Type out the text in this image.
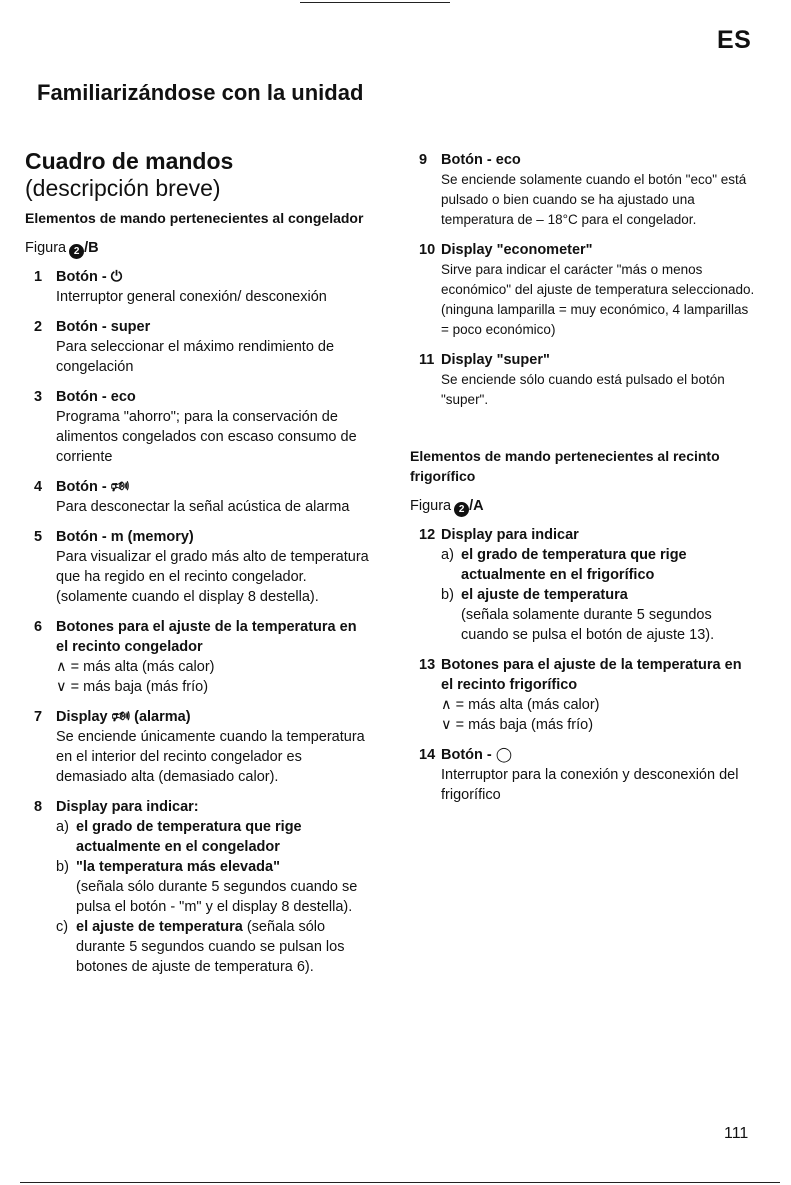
ES
Familiarizándose con la unidad
Cuadro de mandos
(descripción breve)
Elementos de mando pertenecientes al congelador
Figura 2 /B
1 Botón - ⏻
Interruptor general conexión/ desconexión
2 Botón - super
Para seleccionar el máximo rendimiento de congelación
3 Botón - eco
Programa "ahorro"; para la conservación de alimentos congelados con escaso consumo de corriente
4 Botón - 🕬
Para desconectar la señal acústica de alarma
5 Botón - m (memory)
Para visualizar el grado más alto de temperatura que ha regido en el recinto congelador. (solamente cuando el display 8 destella).
6 Botones para el ajuste de la temperatura en el recinto congelador
∧ = más alta (más calor)
∨ = más baja (más frío)
7 Display 🕬 (alarma)
Se enciende únicamente cuando la temperatura en el interior del recinto congelador es demasiado alta (demasiado calor).
8 Display para indicar:
a) el grado de temperatura que rige actualmente en el congelador
b) "la temperatura más elevada"
(señala sólo durante 5 segundos cuando se pulsa el botón - "m" y el display 8 destella).
c) el ajuste de temperatura (señala sólo durante 5 segundos cuando se pulsan los botones de ajuste de temperatura 6).
9 Botón - eco
Se enciende solamente cuando el botón "eco" está pulsado o bien cuando se ha ajustado una temperatura de – 18°C para el congelador.
10 Display "econometer"
Sirve para indicar el carácter "más o menos económico" del ajuste de temperatura seleccionado. (ninguna lamparilla = muy económico, 4 lamparillas = poco económico)
11 Display "super"
Se enciende sólo cuando está pulsado el botón "super".
Elementos de mando pertenecientes al recinto frigorífico
Figura 2 /A
12 Display para indicar
a) el grado de temperatura que rige actualmente en el frigorífico
b) el ajuste de temperatura
(señala solamente durante 5 segundos cuando se pulsa el botón de ajuste 13).
13 Botones para el ajuste de la temperatura en el recinto frigorífico
∧ = más alta (más calor)
∨ = más baja (más frío)
14 Botón - ◯
Interruptor para la conexión y desconexión del frigorífico
111
